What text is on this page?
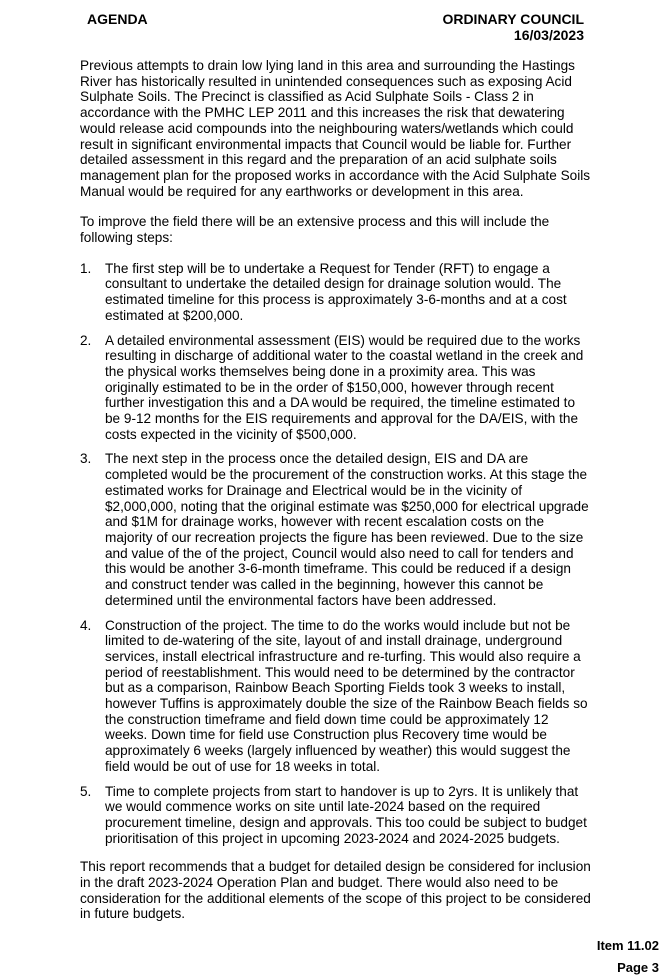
AGENDA	ORDINARY COUNCIL
16/03/2023

Previous attempts to drain low lying land in this area and surrounding the Hastings River has historically resulted in unintended consequences such as exposing Acid Sulphate Soils. The Precinct is classified as Acid Sulphate Soils - Class 2 in accordance with the PMHC LEP 2011 and this increases the risk that dewatering would release acid compounds into the neighbouring waters/wetlands which could result in significant environmental impacts that Council would be liable for. Further detailed assessment in this regard and the preparation of an acid sulphate soils management plan for the proposed works in accordance with the Acid Sulphate Soils Manual would be required for any earthworks or development in this area.

To improve the field there will be an extensive process and this will include the following steps:

1. The first step will be to undertake a Request for Tender (RFT) to engage a consultant to undertake the detailed design for drainage solution would. The estimated timeline for this process is approximately 3-6-months and at a cost estimated at $200,000.
2. A detailed environmental assessment (EIS) would be required due to the works resulting in discharge of additional water to the coastal wetland in the creek and the physical works themselves being done in a proximity area. This was originally estimated to be in the order of $150,000, however through recent further investigation this and a DA would be required, the timeline estimated to be 9-12 months for the EIS requirements and approval for the DA/EIS, with the costs expected in the vicinity of $500,000.
3. The next step in the process once the detailed design, EIS and DA are completed would be the procurement of the construction works. At this stage the estimated works for Drainage and Electrical would be in the vicinity of $2,000,000, noting that the original estimate was $250,000 for electrical upgrade and $1M for drainage works, however with recent escalation costs on the majority of our recreation projects the figure has been reviewed. Due to the size and value of the of the project, Council would also need to call for tenders and this would be another 3-6-month timeframe. This could be reduced if a design and construct tender was called in the beginning, however this cannot be determined until the environmental factors have been addressed.
4. Construction of the project. The time to do the works would include but not be limited to de-watering of the site, layout of and install drainage, underground services, install electrical infrastructure and re-turfing. This would also require a period of reestablishment. This would need to be determined by the contractor but as a comparison, Rainbow Beach Sporting Fields took 3 weeks to install, however Tuffins is approximately double the size of the Rainbow Beach fields so the construction timeframe and field down time could be approximately 12 weeks. Down time for field use Construction plus Recovery time would be approximately 6 weeks (largely influenced by weather) this would suggest the field would be out of use for 18 weeks in total.
5. Time to complete projects from start to handover is up to 2yrs. It is unlikely that we would commence works on site until late-2024 based on the required procurement timeline, design and approvals. This too could be subject to budget prioritisation of this project in upcoming 2023-2024 and 2024-2025 budgets.

This report recommends that a budget for detailed design be considered for inclusion in the draft 2023-2024 Operation Plan and budget. There would also need to be consideration for the additional elements of the scope of this project to be considered in future budgets.

Item 11.02
Page 3
